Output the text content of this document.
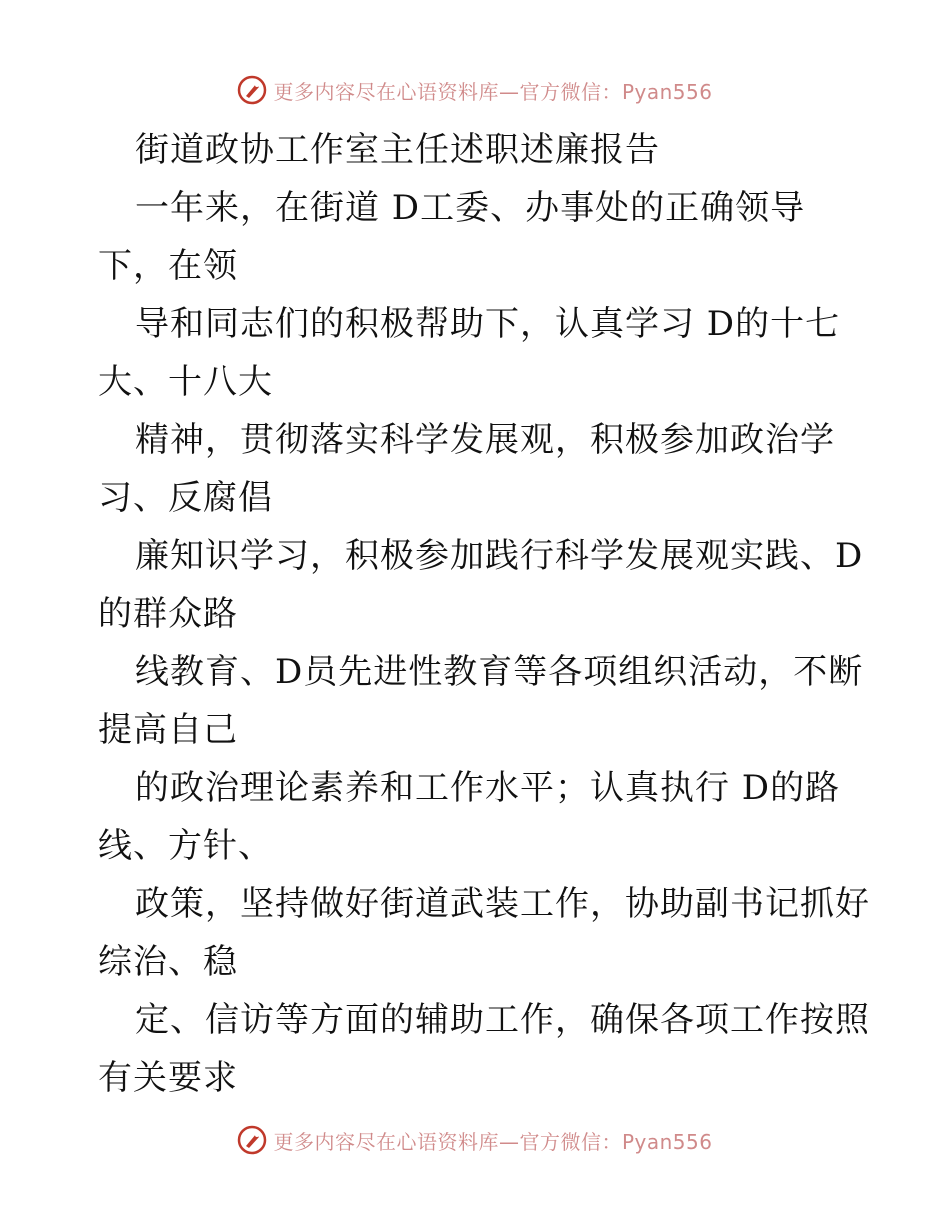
更多内容尽在心语资料库—官方微信：Pyan556
街道政协工作室主任述职述廉报告
一年来，在街道 D工委、办事处的正确领导
下，在领
导和同志们的积极帮助下，认真学习 D的十七
大、十八大
精神，贯彻落实科学发展观，积极参加政治学
习、反腐倡
廉知识学习，积极参加践行科学发展观实践、D
的群众路
线教育、D员先进性教育等各项组织活动，不断
提高自己
的政治理论素养和工作水平；认真执行 D的路
线、方针、
政策，坚持做好街道武装工作，协助副书记抓好
综治、稳
定、信访等方面的辅助工作，确保各项工作按照
有关要求
更多内容尽在心语资料库—官方微信：Pyan556
